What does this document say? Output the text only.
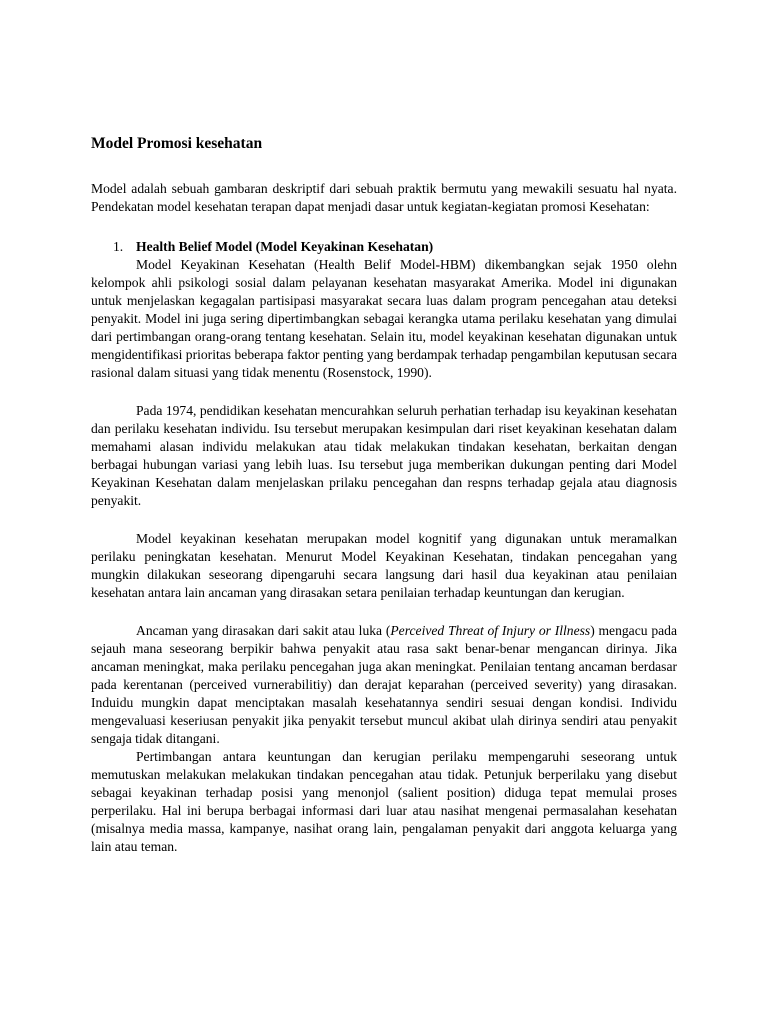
Model Promosi kesehatan

Model adalah sebuah gambaran deskriptif dari sebuah praktik bermutu yang mewakili sesuatu hal nyata. Pendekatan model kesehatan terapan dapat menjadi dasar untuk kegiatan-kegiatan promosi Kesehatan:

1. Health Belief Model (Model Keyakinan Kesehatan)

Model Keyakinan Kesehatan (Health Belif Model-HBM) dikembangkan sejak 1950 olehn kelompok ahli psikologi sosial dalam pelayanan kesehatan masyarakat Amerika. Model ini digunakan untuk menjelaskan kegagalan partisipasi masyarakat secara luas dalam program pencegahan atau deteksi penyakit. Model ini juga sering dipertimbangkan sebagai kerangka utama perilaku kesehatan yang dimulai dari pertimbangan orang-orang tentang kesehatan. Selain itu, model keyakinan kesehatan digunakan untuk mengidentifikasi prioritas beberapa faktor penting yang berdampak terhadap pengambilan keputusan secara rasional dalam situasi yang tidak menentu (Rosenstock, 1990).

Pada 1974, pendidikan kesehatan mencurahkan seluruh perhatian terhadap isu keyakinan kesehatan dan perilaku kesehatan individu. Isu tersebut merupakan kesimpulan dari riset keyakinan kesehatan dalam memahami alasan individu melakukan atau tidak melakukan tindakan kesehatan, berkaitan dengan berbagai hubungan variasi yang lebih luas. Isu tersebut juga memberikan dukungan penting dari Model Keyakinan Kesehatan dalam menjelaskan prilaku pencegahan dan respns terhadap gejala atau diagnosis penyakit.

Model keyakinan kesehatan merupakan model kognitif yang digunakan untuk meramalkan perilaku peningkatan kesehatan. Menurut Model Keyakinan Kesehatan, tindakan pencegahan yang mungkin dilakukan seseorang dipengaruhi secara langsung dari hasil dua keyakinan atau penilaian kesehatan antara lain ancaman yang dirasakan setara penilaian terhadap keuntungan dan kerugian.

Ancaman yang dirasakan dari sakit atau luka (Perceived Threat of Injury or Illness) mengacu pada sejauh mana seseorang berpikir bahwa penyakit atau rasa sakt benar-benar mengancan dirinya. Jika ancaman meningkat, maka perilaku pencegahan juga akan meningkat. Penilaian tentang ancaman berdasar pada kerentanan (perceived vurnerabilitiy) dan derajat keparahan (perceived severity) yang dirasakan. Induidu mungkin dapat menciptakan masalah kesehatannya sendiri sesuai dengan kondisi. Individu mengevaluasi keseriusan penyakit jika penyakit tersebut muncul akibat ulah dirinya sendiri atau penyakit sengaja tidak ditangani.

Pertimbangan antara keuntungan dan kerugian perilaku mempengaruhi seseorang untuk memutuskan melakukan melakukan tindakan pencegahan atau tidak. Petunjuk berperilaku yang disebut sebagai keyakinan terhadap posisi yang menonjol (salient position) diduga tepat memulai proses perperilaku. Hal ini berupa berbagai informasi dari luar atau nasihat mengenai permasalahan kesehatan (misalnya media massa, kampanye, nasihat orang lain, pengalaman penyakit dari anggota keluarga yang lain atau teman.
